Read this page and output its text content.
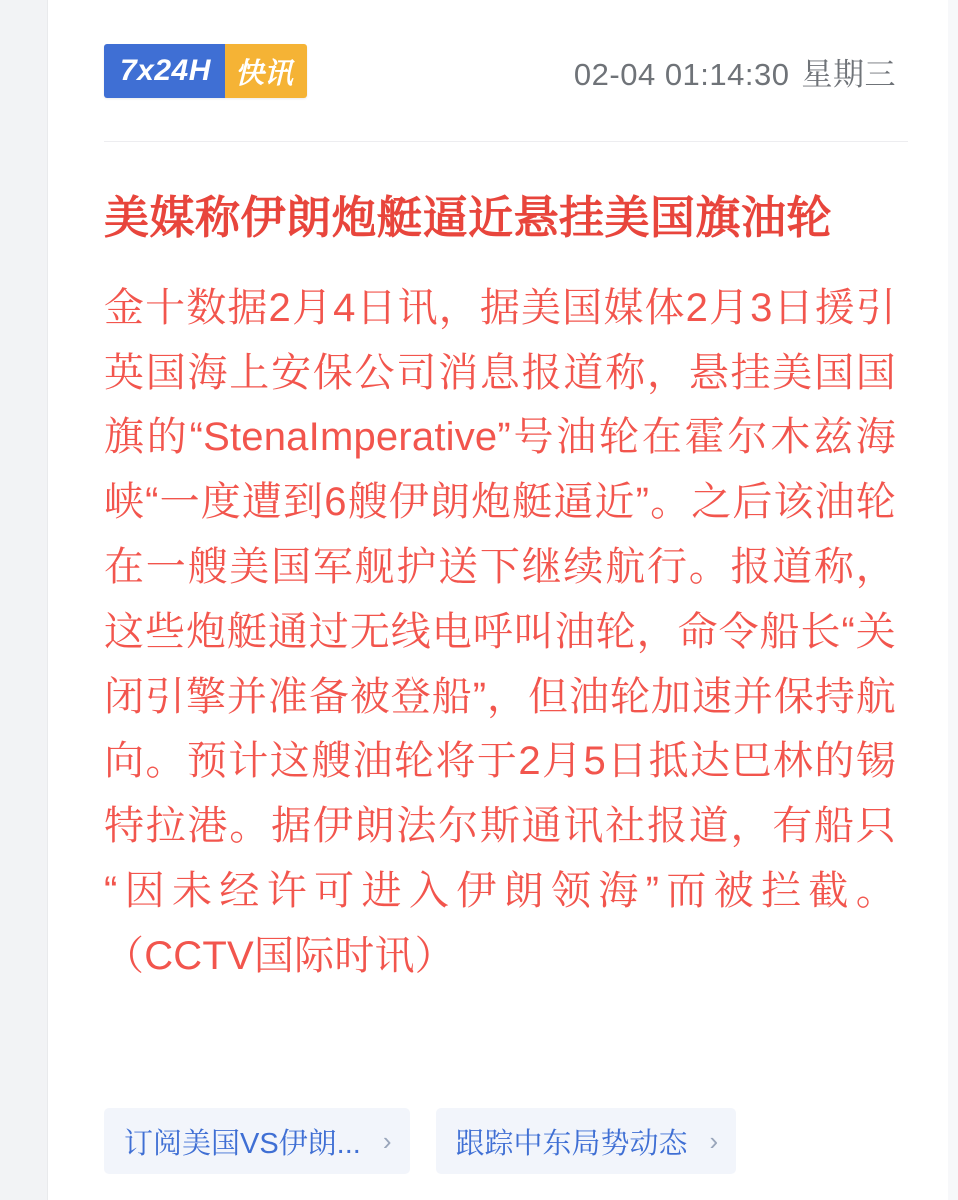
7x24H 快讯	02-04 01:14:30 星期三
美媒称伊朗炮艇逼近悬挂美国旗油轮

金十数据2月4日讯，据美国媒体2月3日援引英国海上安保公司消息报道称，悬挂美国国旗的“StenaImperative”号油轮在霍尔木兹海峡“一度遭到6艘伊朗炮艇逼近”。之后该油轮在一艘美国军舰护送下继续航行。报道称，这些炮艇通过无线电呼叫油轮，命令船长“关闭引擎并准备被登船”，但油轮加速并保持航向。预计这艘油轮将于2月5日抵达巴林的锡特拉港。据伊朗法尔斯通讯社报道，有船只“因未经许可进入伊朗领海”而被拦截。（CCTV国际时讯）

订阅美国VS伊朗... › 跟踪中东局势动态 ›
